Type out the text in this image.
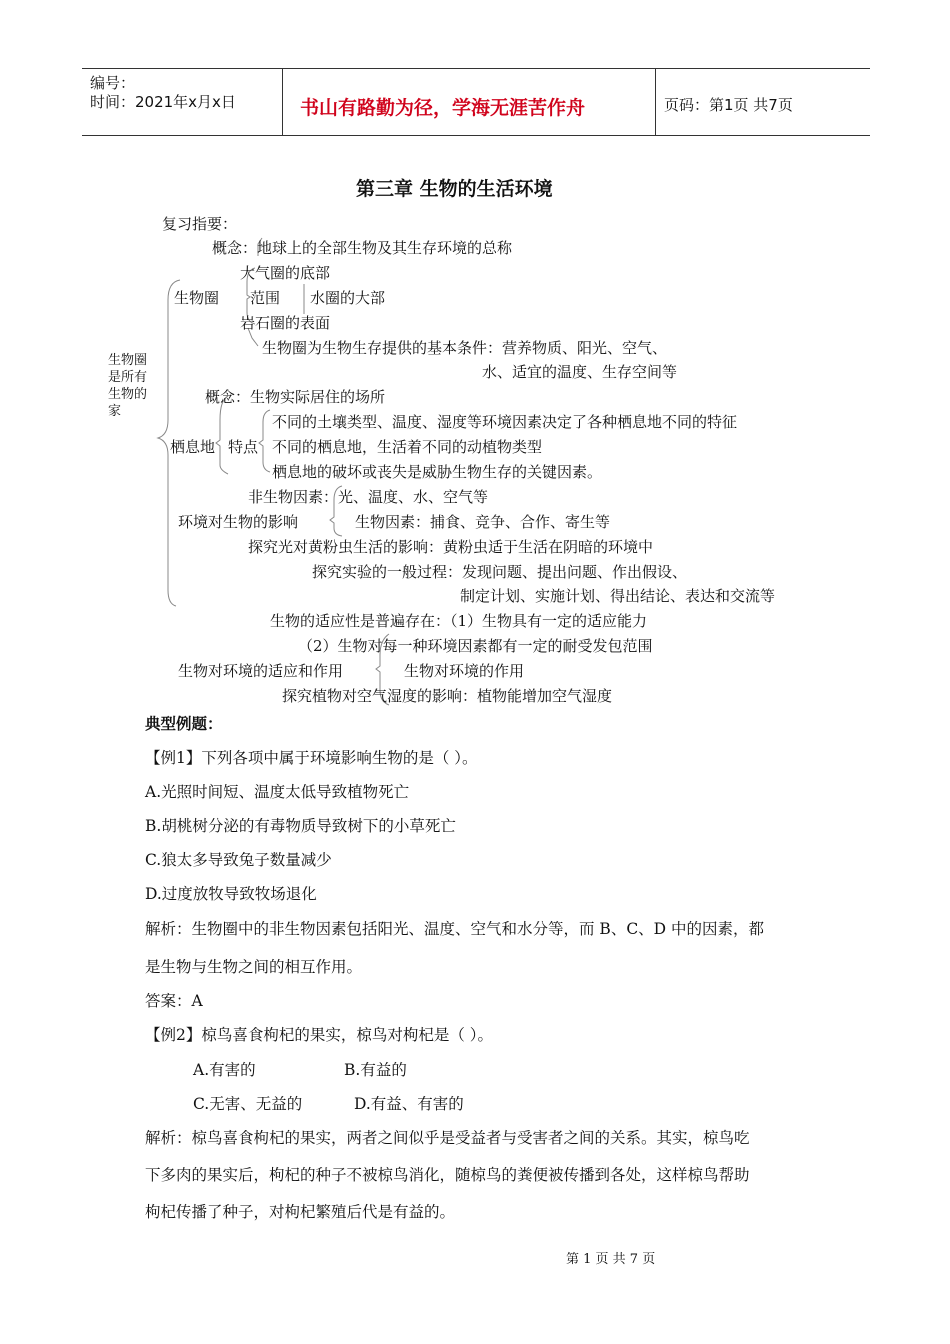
编号：
时间：2021年x月x日	书山有路勤为径，学海无涯苦作舟	页码：第1页 共7页
第三章 生物的生活环境
复习指要：
生物圈是所有生物的家
概念：地球上的全部生物及其生存环境的总称
大气圈的底部
生物圈 范围 水圈的大部
岩石圈的表面
生物圈为生物生存提供的基本条件：营养物质、阳光、空气、
水、适宜的温度、生存空间等
概念：生物实际居住的场所
不同的土壤类型、温度、湿度等环境因素决定了各种栖息地不同的特征
栖息地 特点 不同的栖息地，生活着不同的动植物类型
栖息地的破坏或丧失是威胁生物生存的关键因素。
非生物因素：光、温度、水、空气等
环境对生物的影响	生物因素：捕食、竞争、合作、寄生等
探究光对黄粉虫生活的影响：黄粉虫适于生活在阴暗的环境中
探究实验的一般过程：发现问题、提出问题、作出假设、
制定计划、实施计划、得出结论、表达和交流等
生物的适应性是普遍存在：（1）生物具有一定的适应能力
（2）生物对每一种环境因素都有一定的耐受发包范围
生物对环境的适应和作用	生物对环境的作用
探究植物对空气湿度的影响：植物能增加空气湿度
典型例题：
【例1】下列各项中属于环境影响生物的是（ ）。
A.光照时间短、温度太低导致植物死亡
B.胡桃树分泌的有毒物质导致树下的小草死亡
C.狼太多导致兔子数量减少
D.过度放牧导致牧场退化
解析：生物圈中的非生物因素包括阳光、温度、空气和水分等，而 B、C、D 中的因素，都
是生物与生物之间的相互作用。
答案：A
【例2】椋鸟喜食枸杞的果实，椋鸟对枸杞是（ ）。
A.有害的	B.有益的
C.无害、无益的	D.有益、有害的
解析：椋鸟喜食枸杞的果实，两者之间似乎是受益者与受害者之间的关系。其实，椋鸟吃
下多肉的果实后，枸杞的种子不被椋鸟消化，随椋鸟的粪便被传播到各处，这样椋鸟帮助
枸杞传播了种子，对枸杞繁殖后代是有益的。
第 1 页 共 7 页
